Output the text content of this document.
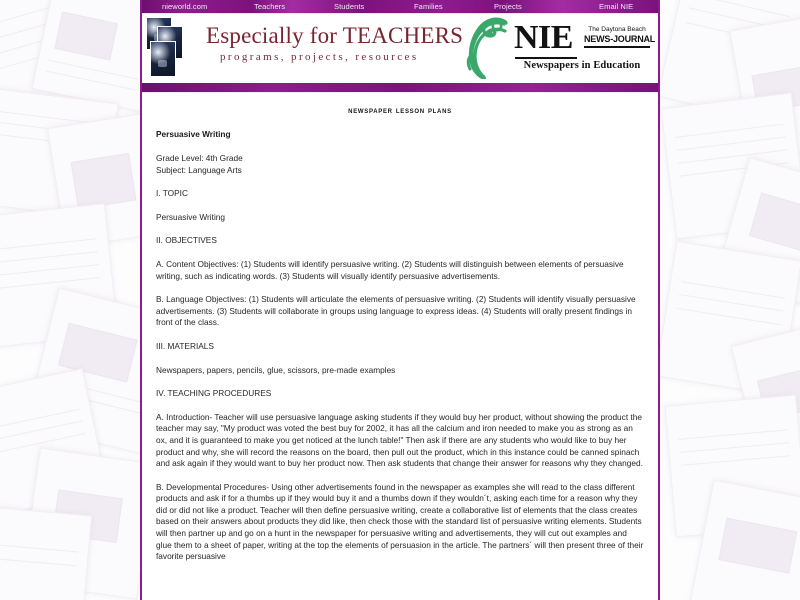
nieworld.com	Teachers	Students	Families	Projects	Email NIE
Especially for TEACHERS
programs, projects, resources
NIE	The Daytona Beach
NEWS-JOURNAL
Newspapers in Education
newspaper lesson plans

Persuasive Writing

Grade Level: 4th Grade
Subject: Language Arts

I. TOPIC

Persuasive Writing

II. OBJECTIVES

A. Content Objectives: (1) Students will identify persuasive writing. (2) Students will distinguish between elements of persuasive writing, such as indicating words. (3) Students will visually identify persuasive advertisements.

B. Language Objectives: (1) Students will articulate the elements of persuasive writing. (2) Students will identify visually persuasive advertisements. (3) Students will collaborate in groups using language to express ideas. (4) Students will orally present findings in front of the class.

III. MATERIALS

Newspapers, papers, pencils, glue, scissors, pre-made examples

IV. TEACHING PROCEDURES

A. Introduction- Teacher will use persuasive language asking students if they would buy her product, without showing the product the teacher may say, "My product was voted the best buy for 2002, it has all the calcium and iron needed to make you as strong as an ox, and it is guaranteed to make you get noticed at the lunch table!" Then ask if there are any students who would like to buy her product and why, she will record the reasons on the board, then pull out the product, which in this instance could be canned spinach and ask again if they would want to buy her product now. Then ask students that change their answer for reasons why they changed.

B. Developmental Procedures- Using other advertisements found in the newspaper as examples she will read to the class different products and ask if for a thumbs up if they would buy it and a thumbs down if they wouldn´t, asking each time for a reason why they did or did not like a product. Teacher will then define persuasive writing, create a collaborative list of elements that the class creates based on their answers about products they did like, then check those with the standard list of persuasive writing elements. Students will then partner up and go on a hunt in the newspaper for persuasive writing and advertisements, they will cut out examples and glue them to a sheet of paper, writing at the top the elements of persuasion in the article. The partners´ will then present three of their favorite persuasive
